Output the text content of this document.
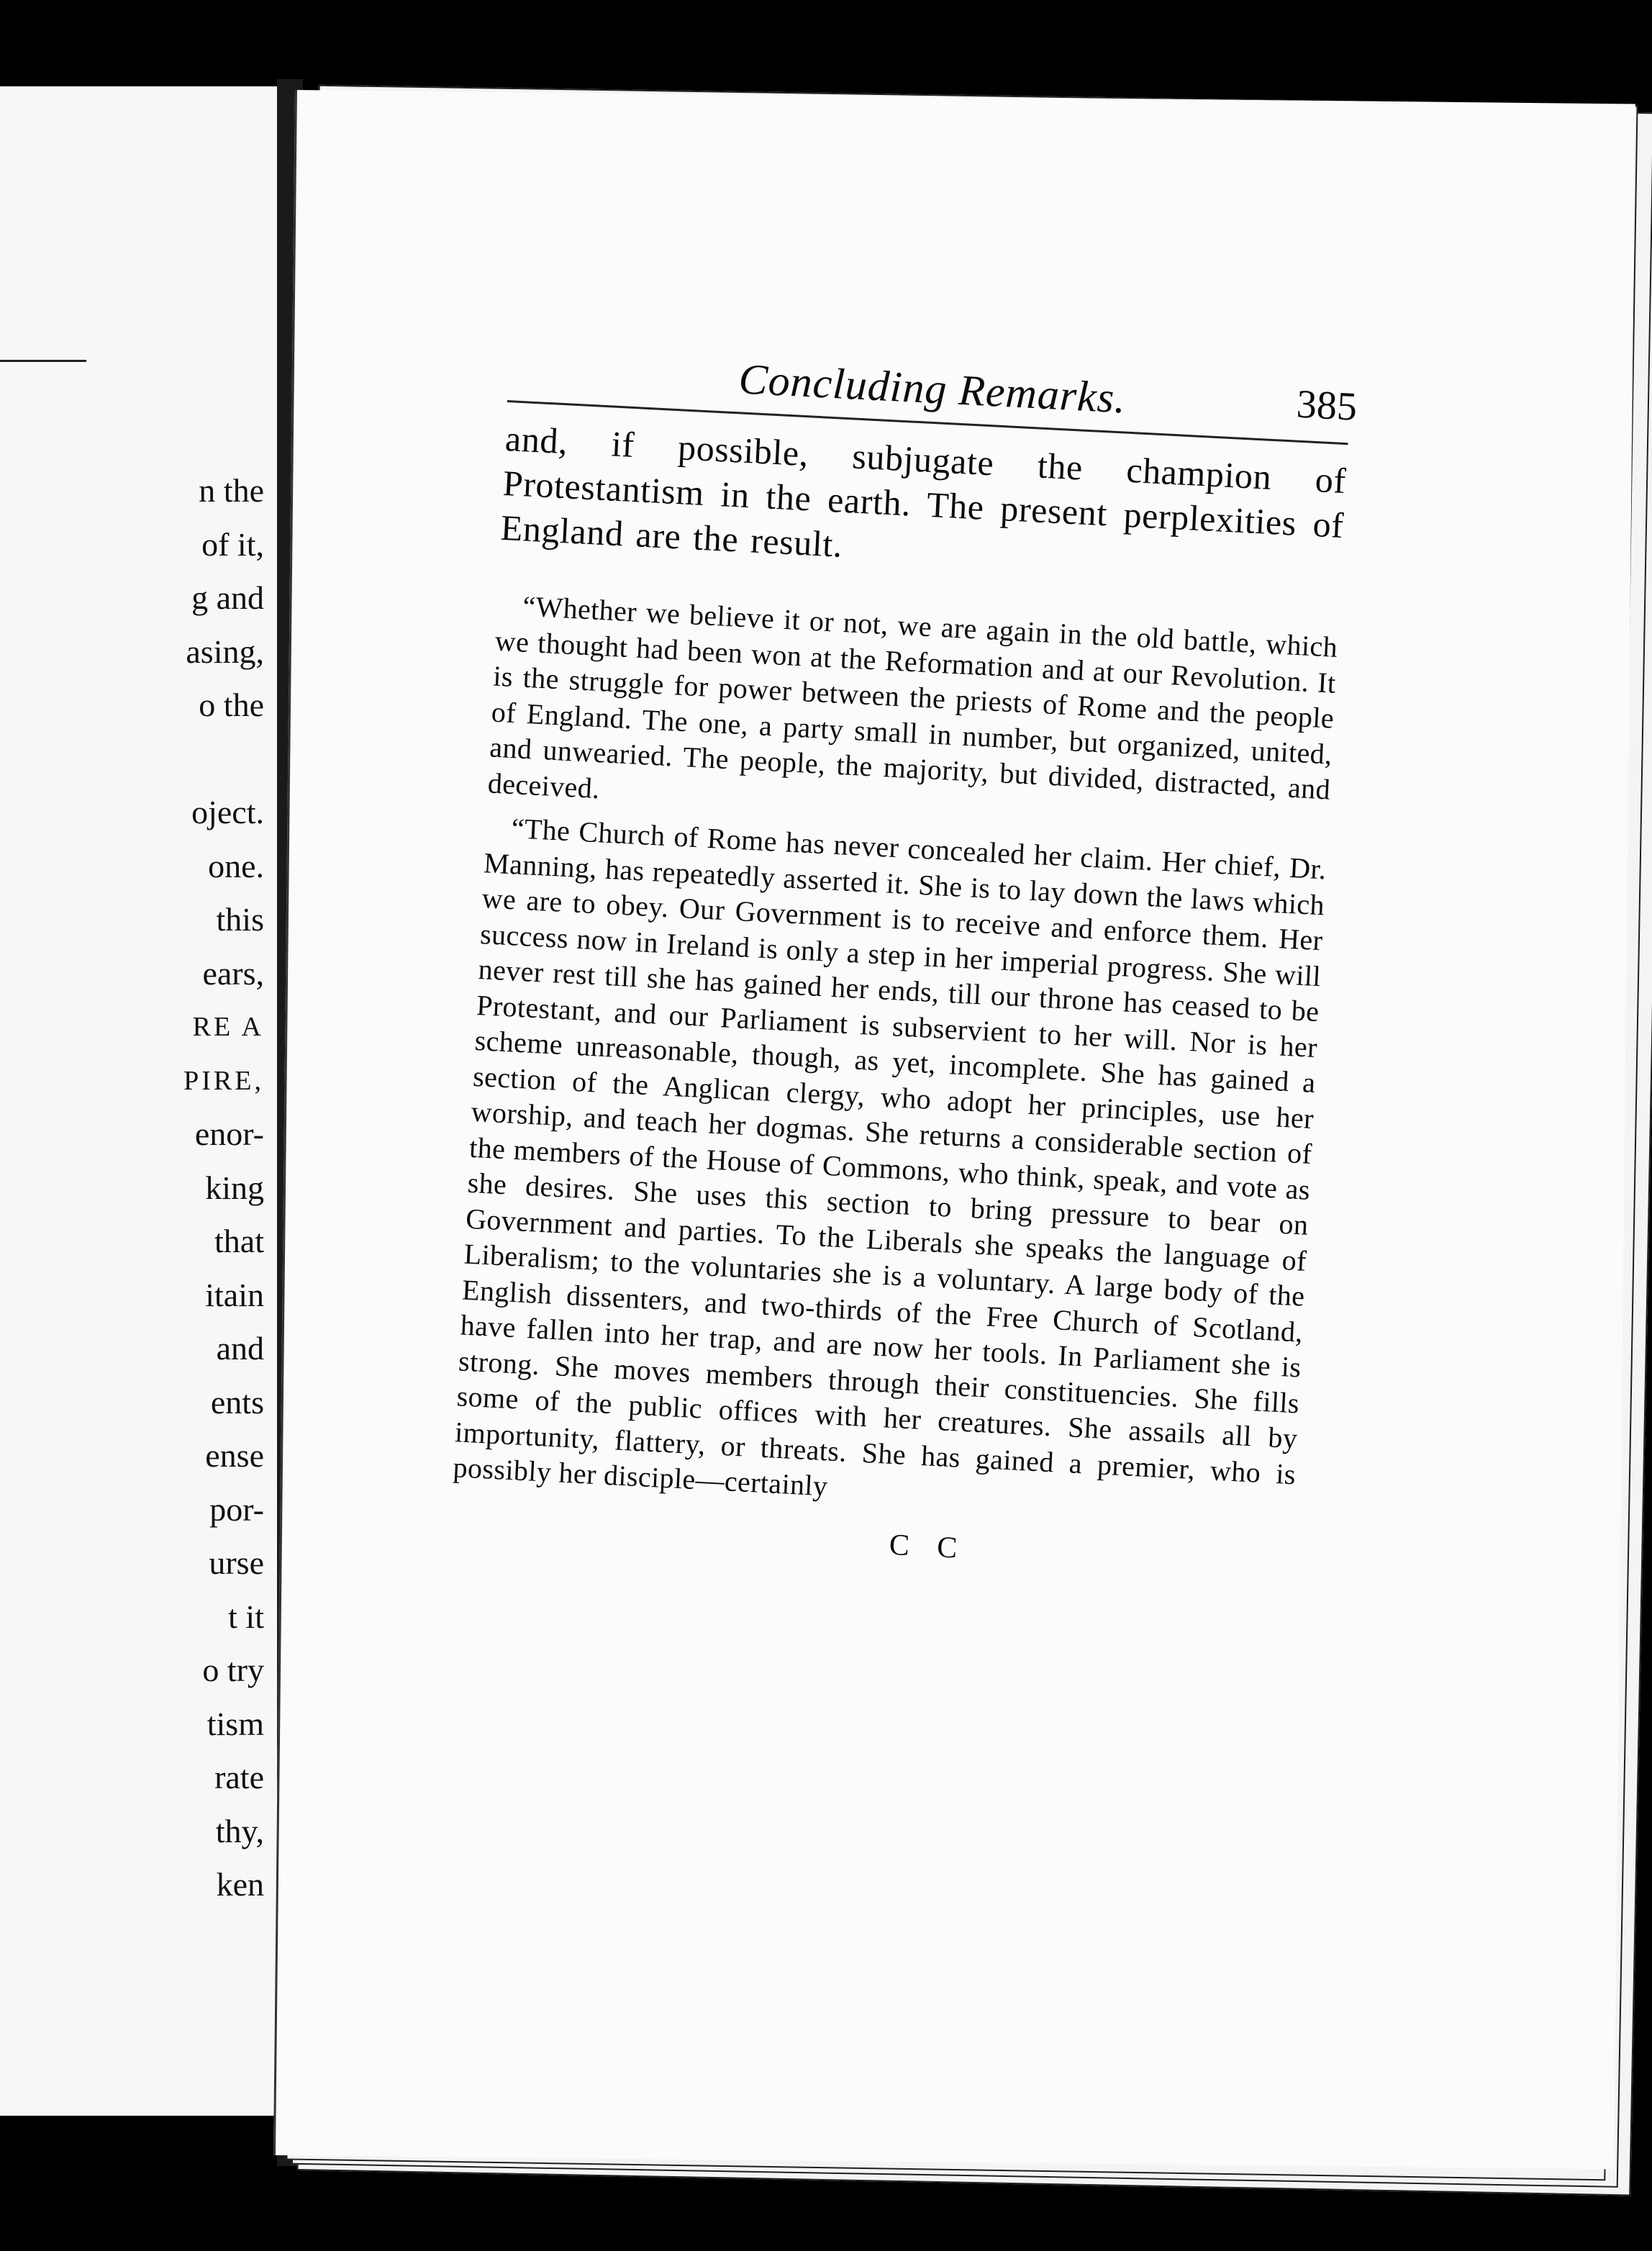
n the
of it,
g and
asing,
o the

oject.
one.
this
ears,
RE A
PIRE,
enor-
king
that
itain
and
ents
ense
por-
urse
t it
o try
tism
rate
thy,
ken
Concluding Remarks.	385

and, if possible, subjugate the champion of Protestantism in the earth. The present perplexities of England are the result.

“Whether we believe it or not, we are again in the old battle, which we thought had been won at the Reformation and at our Revolution. It is the struggle for power between the priests of Rome and the people of England. The one, a party small in number, but organized, united, and unwearied. The people, the majority, but divided, distracted, and deceived.

“The Church of Rome has never concealed her claim. Her chief, Dr. Manning, has repeatedly asserted it. She is to lay down the laws which we are to obey. Our Government is to receive and enforce them. Her success now in Ireland is only a step in her imperial progress. She will never rest till she has gained her ends, till our throne has ceased to be Protestant, and our Parliament is subservient to her will. Nor is her scheme unreasonable, though, as yet, incomplete. She has gained a section of the Anglican clergy, who adopt her principles, use her worship, and teach her dogmas. She returns a considerable section of the members of the House of Commons, who think, speak, and vote as she desires. She uses this section to bring pressure to bear on Government and parties. To the Liberals she speaks the language of Liberalism; to the voluntaries she is a voluntary. A large body of the English dissenters, and two-thirds of the Free Church of Scotland, have fallen into her trap, and are now her tools. In Parliament she is strong. She moves members through their constituencies. She fills some of the public offices with her creatures. She assails all by importunity, flattery, or threats. She has gained a premier, who is possibly her disciple—certainly

C C
